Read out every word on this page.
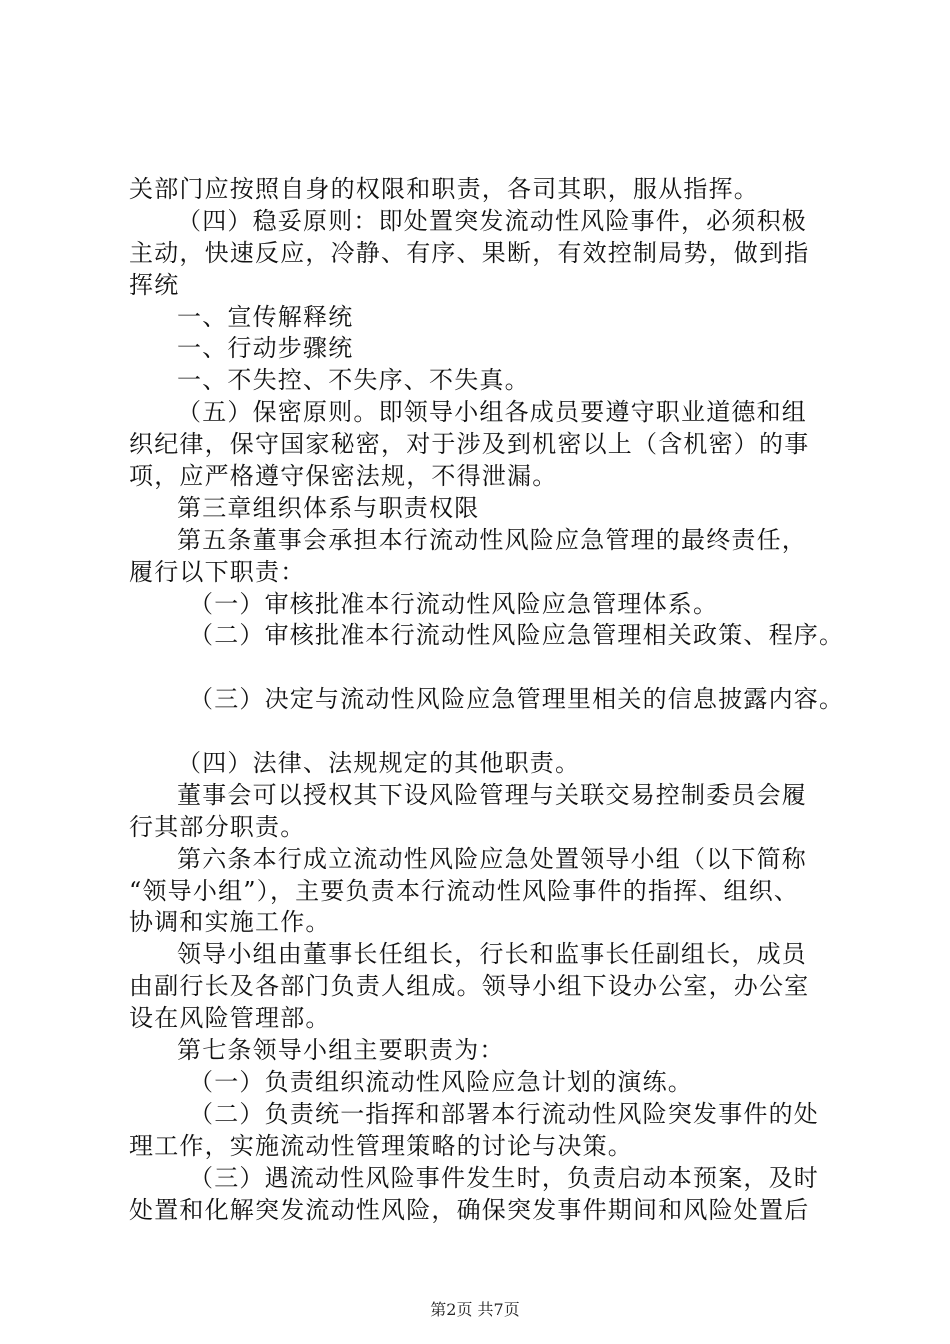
关部门应按照自身的权限和职责，各司其职，服从指挥。
（四）稳妥原则：即处置突发流动性风险事件，必须积极
主动，快速反应，冷静、有序、果断，有效控制局势，做到指
挥统
一、宣传解释统
一、行动步骤统
一、不失控、不失序、不失真。
（五）保密原则。即领导小组各成员要遵守职业道德和组
织纪律，保守国家秘密，对于涉及到机密以上（含机密）的事
项，应严格遵守保密法规，不得泄漏。
第三章组织体系与职责权限
第五条董事会承担本行流动性风险应急管理的最终责任，
履行以下职责：
（一）审核批准本行流动性风险应急管理体系。
（二）审核批准本行流动性风险应急管理相关政策、程序。
（三）决定与流动性风险应急管理里相关的信息披露内容。
（四）法律、法规规定的其他职责。
董事会可以授权其下设风险管理与关联交易控制委员会履
行其部分职责。
第六条本行成立流动性风险应急处置领导小组（以下简称
“领导小组”），主要负责本行流动性风险事件的指挥、组织、
协调和实施工作。
领导小组由董事长任组长，行长和监事长任副组长，成员
由副行长及各部门负责人组成。领导小组下设办公室，办公室
设在风险管理部。
第七条领导小组主要职责为：
（一）负责组织流动性风险应急计划的演练。
（二）负责统一指挥和部署本行流动性风险突发事件的处
理工作，实施流动性管理策略的讨论与决策。
（三）遇流动性风险事件发生时，负责启动本预案，及时
处置和化解突发流动性风险，确保突发事件期间和风险处置后
第2页 共7页
